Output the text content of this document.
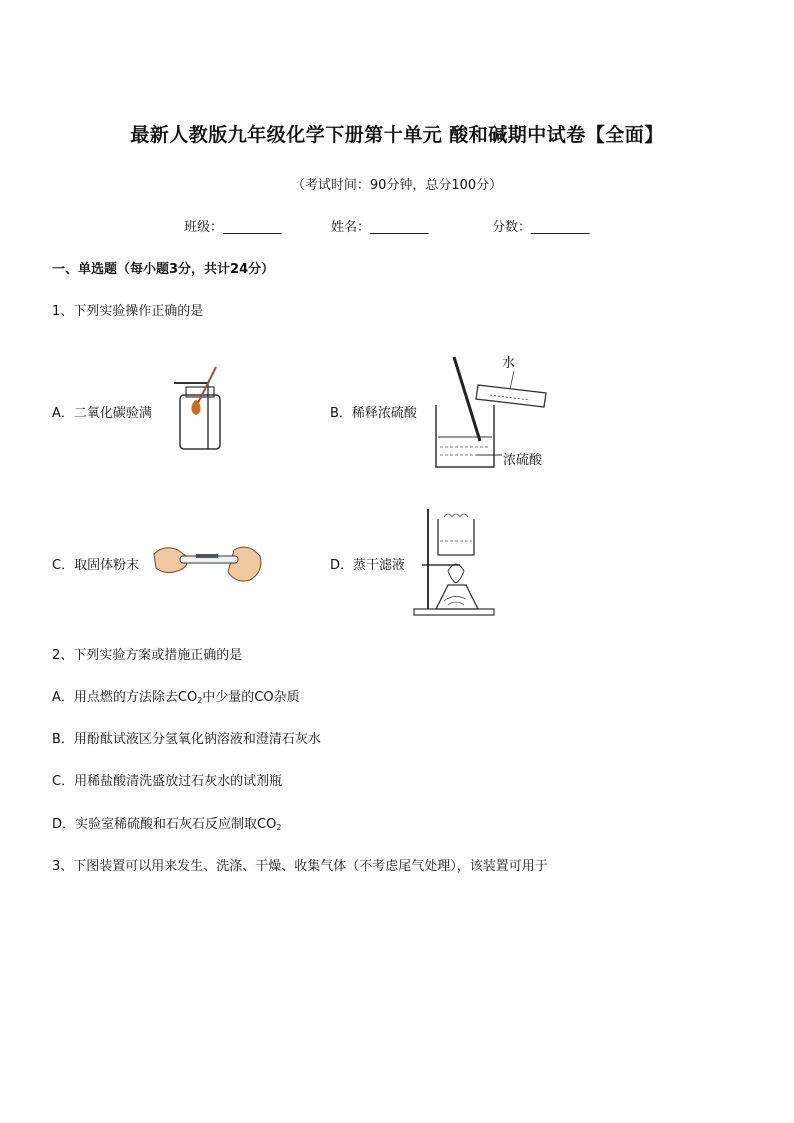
最新人教版九年级化学下册第十单元 酸和碱期中试卷【全面】
（考试时间：90分钟，总分100分）
班级：_________	姓名：_________	分数：_________
一、单选题（每小题3分，共计24分）
1、下列实验操作正确的是
A．二氧化碳验满	B．稀释浓硫酸
水
浓硫酸
C．取固体粉末	D．蒸干滤液
2、下列实验方案或措施正确的是
A．用点燃的方法除去$CO_2$中少量的CO杂质
B．用酚酞试液区分氢氧化钠溶液和澄清石灰水
C．用稀盐酸清洗盛放过石灰水的试剂瓶
D．实验室稀硫酸和石灰石反应制取$CO_2$
3、下图装置可以用来发生、洗涤、干燥、收集气体（不考虑尾气处理），该装置可用于
